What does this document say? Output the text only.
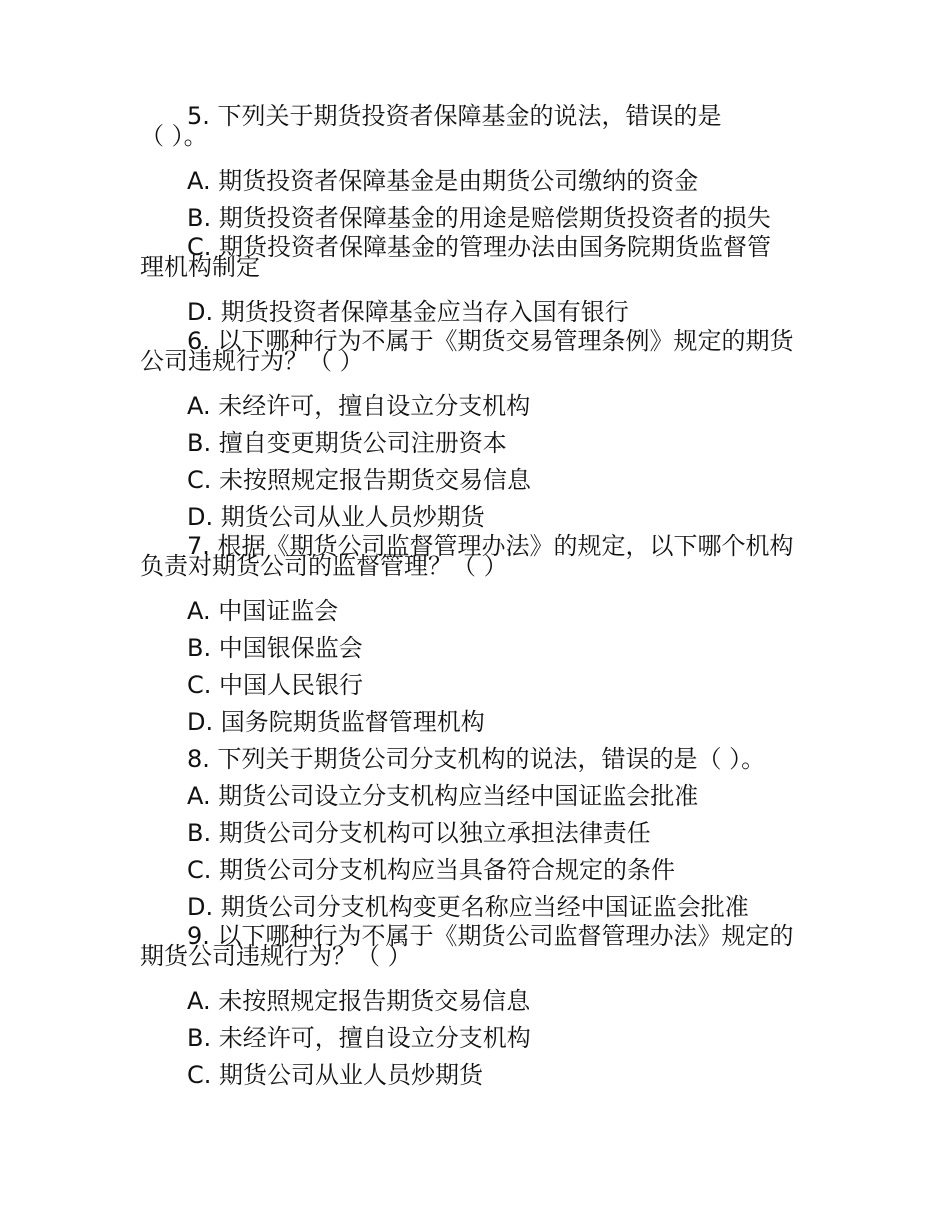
5. 下列关于期货投资者保障基金的说法，错误的是
（ ）。
A. 期货投资者保障基金是由期货公司缴纳的资金
B. 期货投资者保障基金的用途是赔偿期货投资者的损失
C. 期货投资者保障基金的管理办法由国务院期货监督管
理机构制定
D. 期货投资者保障基金应当存入国有银行
6. 以下哪种行为不属于《期货交易管理条例》规定的期货
公司违规行为？（ ）
A. 未经许可，擅自设立分支机构
B. 擅自变更期货公司注册资本
C. 未按照规定报告期货交易信息
D. 期货公司从业人员炒期货
7. 根据《期货公司监督管理办法》的规定，以下哪个机构
负责对期货公司的监督管理？（ ）
A. 中国证监会
B. 中国银保监会
C. 中国人民银行
D. 国务院期货监督管理机构
8. 下列关于期货公司分支机构的说法，错误的是（ ）。
A. 期货公司设立分支机构应当经中国证监会批准
B. 期货公司分支机构可以独立承担法律责任
C. 期货公司分支机构应当具备符合规定的条件
D. 期货公司分支机构变更名称应当经中国证监会批准
9. 以下哪种行为不属于《期货公司监督管理办法》规定的
期货公司违规行为？（ ）
A. 未按照规定报告期货交易信息
B. 未经许可，擅自设立分支机构
C. 期货公司从业人员炒期货
